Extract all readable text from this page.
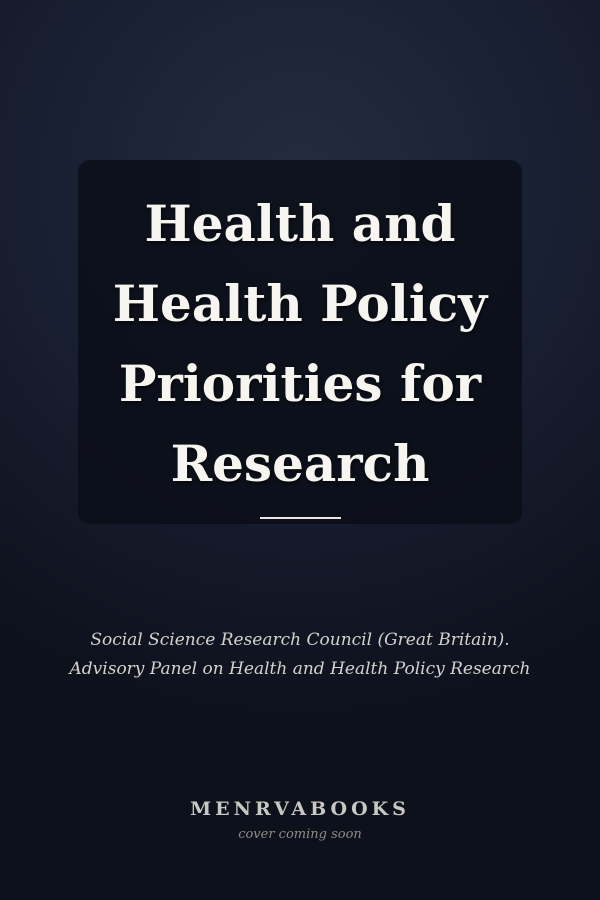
Health and
Health Policy
Priorities for
Research
Social Science Research Council (Great Britain).
Advisory Panel on Health and Health Policy Research
MENRVABOOKS
cover coming soon
